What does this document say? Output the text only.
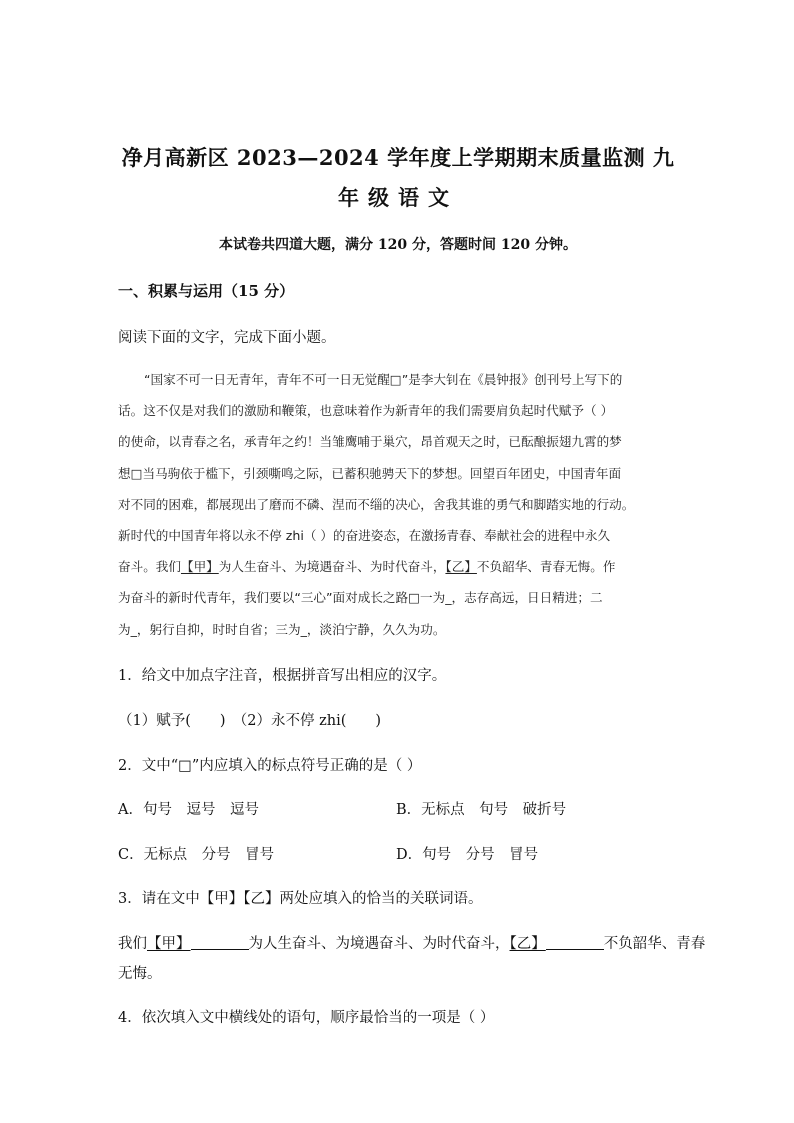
净月高新区 2023—2024 学年度上学期期末质量监测 九
年级语文
本试卷共四道大题，满分 120 分，答题时间 120 分钟。
一、积累与运用（15 分）
阅读下面的文字，完成下面小题。
“国家不可一日无青年，青年不可一日无觉醒□”是李大钊在《晨钟报》创刊号上写下的
话。这不仅是对我们的激励和鞭策，也意味着作为新青年的我们需要肩负起时代赋予（ ）
的使命，以青春之名，承青年之约！当雏鹰哺于巢穴，昂首观天之时，已酝酿振翅九霄的梦
想□当马驹依于槛下，引颈嘶鸣之际，已蓄积驰骋天下的梦想。回望百年团史，中国青年面
对不同的困难，都展现出了磨而不磷、涅而不缁的决心，舍我其谁的勇气和脚踏实地的行动。
新时代的中国青年将以永不停 zhi（ ）的奋进姿态，在激扬青春、奉献社会的进程中永久
奋斗。我们【甲】为人生奋斗、为境遇奋斗、为时代奋斗，【乙】不负韶华、青春无悔。作
为奋斗的新时代青年，我们要以“三心”面对成长之路□一为_，志存高远，日日精进；二
为_，躬行自抑，时时自省；三为_，淡泊宁静，久久为功。
1．给文中加点字注音，根据拼音写出相应的汉字。
（1）赋予(　　)　（2）永不停 zhi(　　)
2．文中“□”内应填入的标点符号正确的是（ ）
A．句号　逗号　逗号	B．无标点　句号　破折号
C．无标点　分号　冒号	D．句号　分号　冒号
3．请在文中【甲】【乙】两处应填入的恰当的关联词语。
我们【甲】	为人生奋斗、为境遇奋斗、为时代奋斗，【乙】	不负韶华、青春
无悔。
4．依次填入文中横线处的语句，顺序最恰当的一项是（ ）
